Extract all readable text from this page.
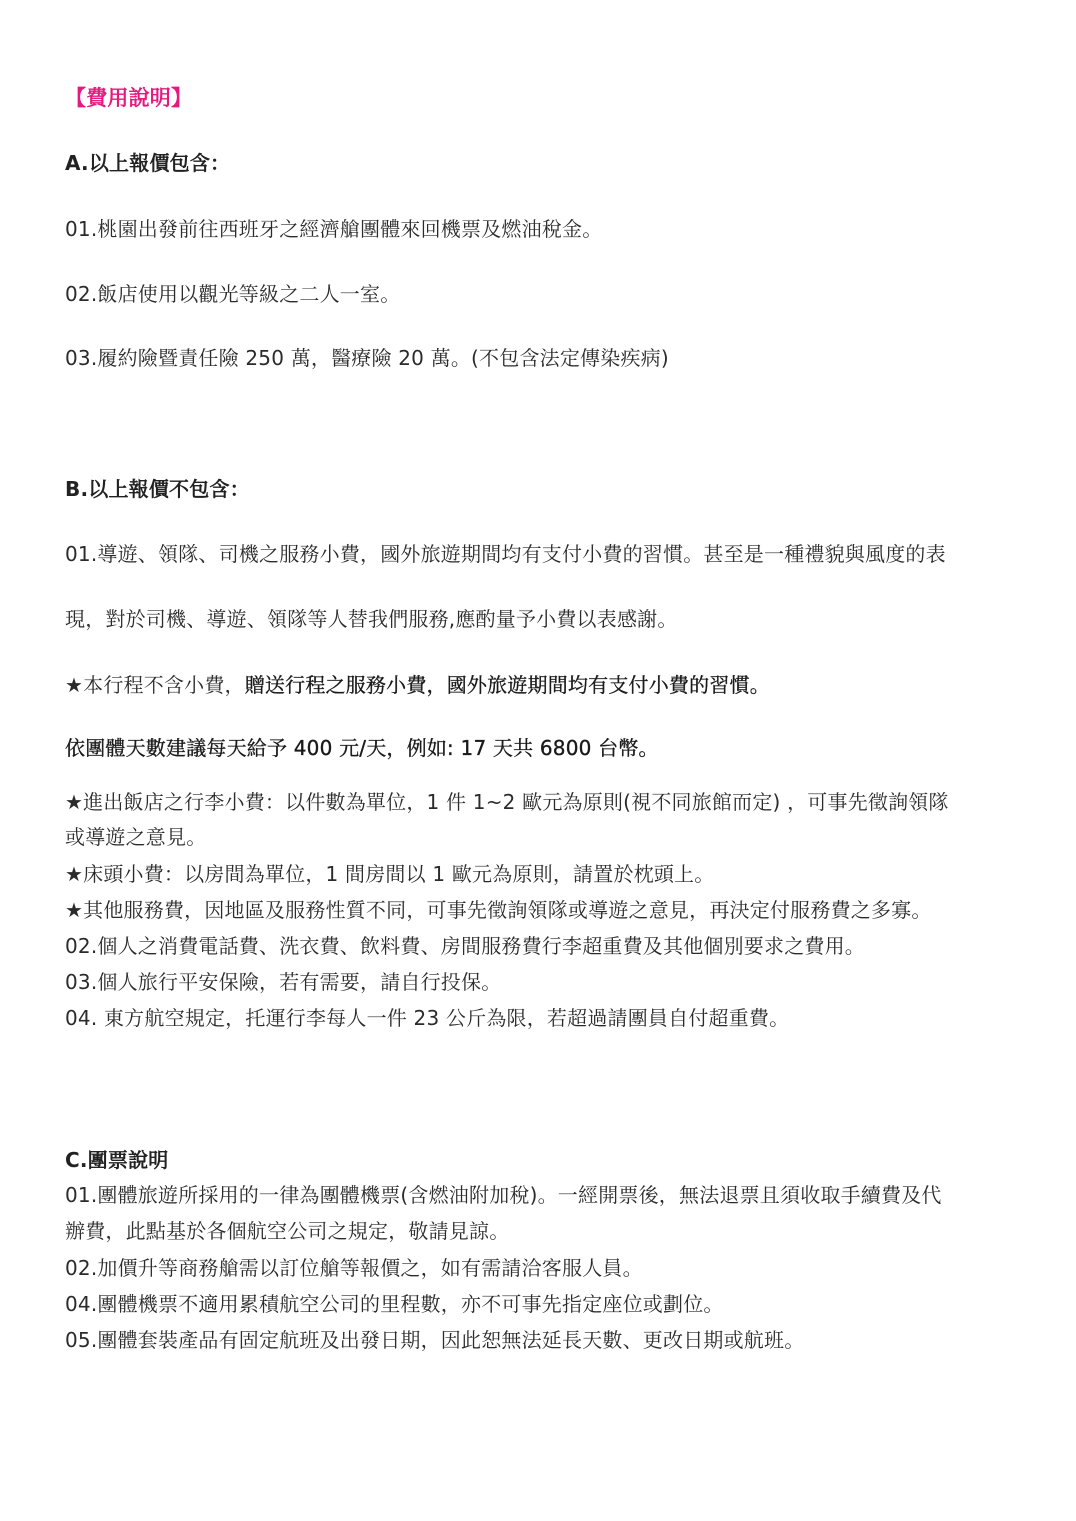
【費用說明】
A.以上報價包含：
01.桃園出發前往西班牙之經濟艙團體來回機票及燃油稅金。
02.飯店使用以觀光等級之二人一室。
03.履約險暨責任險 250 萬，醫療險 20 萬。(不包含法定傳染疾病)
B.以上報價不包含：
01.導遊、領隊、司機之服務小費，國外旅遊期間均有支付小費的習慣。甚至是一種禮貌與風度的表
現，對於司機、導遊、領隊等人替我們服務,應酌量予小費以表感謝。
★本行程不含小費，贈送行程之服務小費，國外旅遊期間均有支付小費的習慣。
依團體天數建議每天給予 400 元/天，例如: 17 天共 6800 台幣。
★進出飯店之行李小費：以件數為單位，1 件 1~2 歐元為原則(視不同旅館而定) ，可事先徵詢領隊
或導遊之意見。
★床頭小費：以房間為單位，1 間房間以 1 歐元為原則，請置於枕頭上。
★其他服務費，因地區及服務性質不同，可事先徵詢領隊或導遊之意見，再決定付服務費之多寡。
02.個人之消費電話費、洗衣費、飲料費、房間服務費行李超重費及其他個別要求之費用。
03.個人旅行平安保險，若有需要，請自行投保。
04. 東方航空規定，托運行李每人一件 23 公斤為限，若超過請團員自付超重費。
C.團票說明
01.團體旅遊所採用的一律為團體機票(含燃油附加稅)。一經開票後，無法退票且須收取手續費及代
辦費，此點基於各個航空公司之規定，敬請見諒。
02.加價升等商務艙需以訂位艙等報價之，如有需請洽客服人員。
04.團體機票不適用累積航空公司的里程數，亦不可事先指定座位或劃位。
05.團體套裝產品有固定航班及出發日期，因此恕無法延長天數、更改日期或航班。
